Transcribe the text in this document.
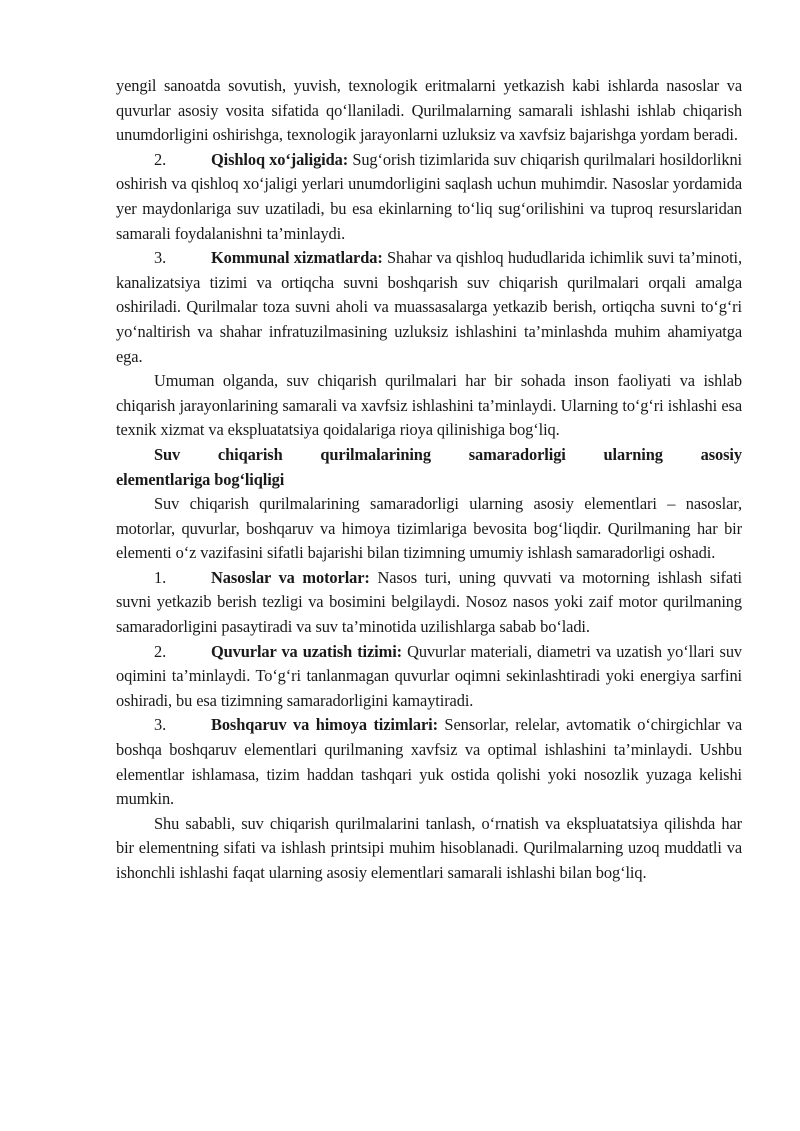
yengil sanoatda sovutish, yuvish, texnologik eritmalarni yetkazish kabi ishlarda nasoslar va quvurlar asosiy vosita sifatida qo‘llaniladi. Qurilmalarning samarali ishlashi ishlab chiqarish unumdorligini oshirishga, texnologik jarayonlarni uzluksiz va xavfsiz bajarishga yordam beradi.

2.	Qishloq xo‘jaligida: Sug‘orish tizimlarida suv chiqarish qurilmalari hosildorlikni oshirish va qishloq xo‘jaligi yerlari unumdorligini saqlash uchun muhimdir. Nasoslar yordamida yer maydonlariga suv uzatiladi, bu esa ekinlarning to‘liq sug‘orilishini va tuproq resurslaridan samarali foydalanishni ta’minlaydi.

3.	Kommunal xizmatlarda: Shahar va qishloq hududlarida ichimlik suvi ta’minoti, kanalizatsiya tizimi va ortiqcha suvni boshqarish suv chiqarish qurilmalari orqali amalga oshiriladi. Qurilmalar toza suvni aholi va muassasalarga yetkazib berish, ortiqcha suvni to‘g‘ri yo‘naltirish va shahar infratuzilmasining uzluksiz ishlashini ta’minlashda muhim ahamiyatga ega.

Umuman olganda, suv chiqarish qurilmalari har bir sohada inson faoliyati va ishlab chiqarish jarayonlarining samarali va xavfsiz ishlashini ta’minlaydi. Ularning to‘g‘ri ishlashi esa texnik xizmat va ekspluatatsiya qoidalariga rioya qilinishiga bog‘liq.

Suv chiqarish qurilmalarining samaradorligi ularning asosiy
elementlariga bog‘liqligi

Suv chiqarish qurilmalarining samaradorligi ularning asosiy elementlari – nasoslar, motorlar, quvurlar, boshqaruv va himoya tizimlariga bevosita bog‘liqdir. Qurilmaning har bir elementi o‘z vazifasini sifatli bajarishi bilan tizimning umumiy ishlash samaradorligi oshadi.

1.	Nasoslar va motorlar: Nasos turi, uning quvvati va motorning ishlash sifati suvni yetkazib berish tezligi va bosimini belgilaydi. Nosoz nasos yoki zaif motor qurilmaning samaradorligini pasaytiradi va suv ta’minotida uzilishlarga sabab bo‘ladi.

2.	Quvurlar va uzatish tizimi: Quvurlar materiali, diametri va uzatish yo‘llari suv oqimini ta’minlaydi. To‘g‘ri tanlanmagan quvurlar oqimni sekinlashtiradi yoki energiya sarfini oshiradi, bu esa tizimning samaradorligini kamaytiradi.

3.	Boshqaruv va himoya tizimlari: Sensorlar, relelar, avtomatik o‘chirgichlar va boshqa boshqaruv elementlari qurilmaning xavfsiz va optimal ishlashini ta’minlaydi. Ushbu elementlar ishlamasa, tizim haddan tashqari yuk ostida qolishi yoki nosozlik yuzaga kelishi mumkin.

Shu sababli, suv chiqarish qurilmalarini tanlash, o‘rnatish va ekspluatatsiya qilishda har bir elementning sifati va ishlash printsipi muhim hisoblanadi. Qurilmalarning uzoq muddatli va ishonchli ishlashi faqat ularning asosiy elementlari samarali ishlashi bilan bog‘liq.
